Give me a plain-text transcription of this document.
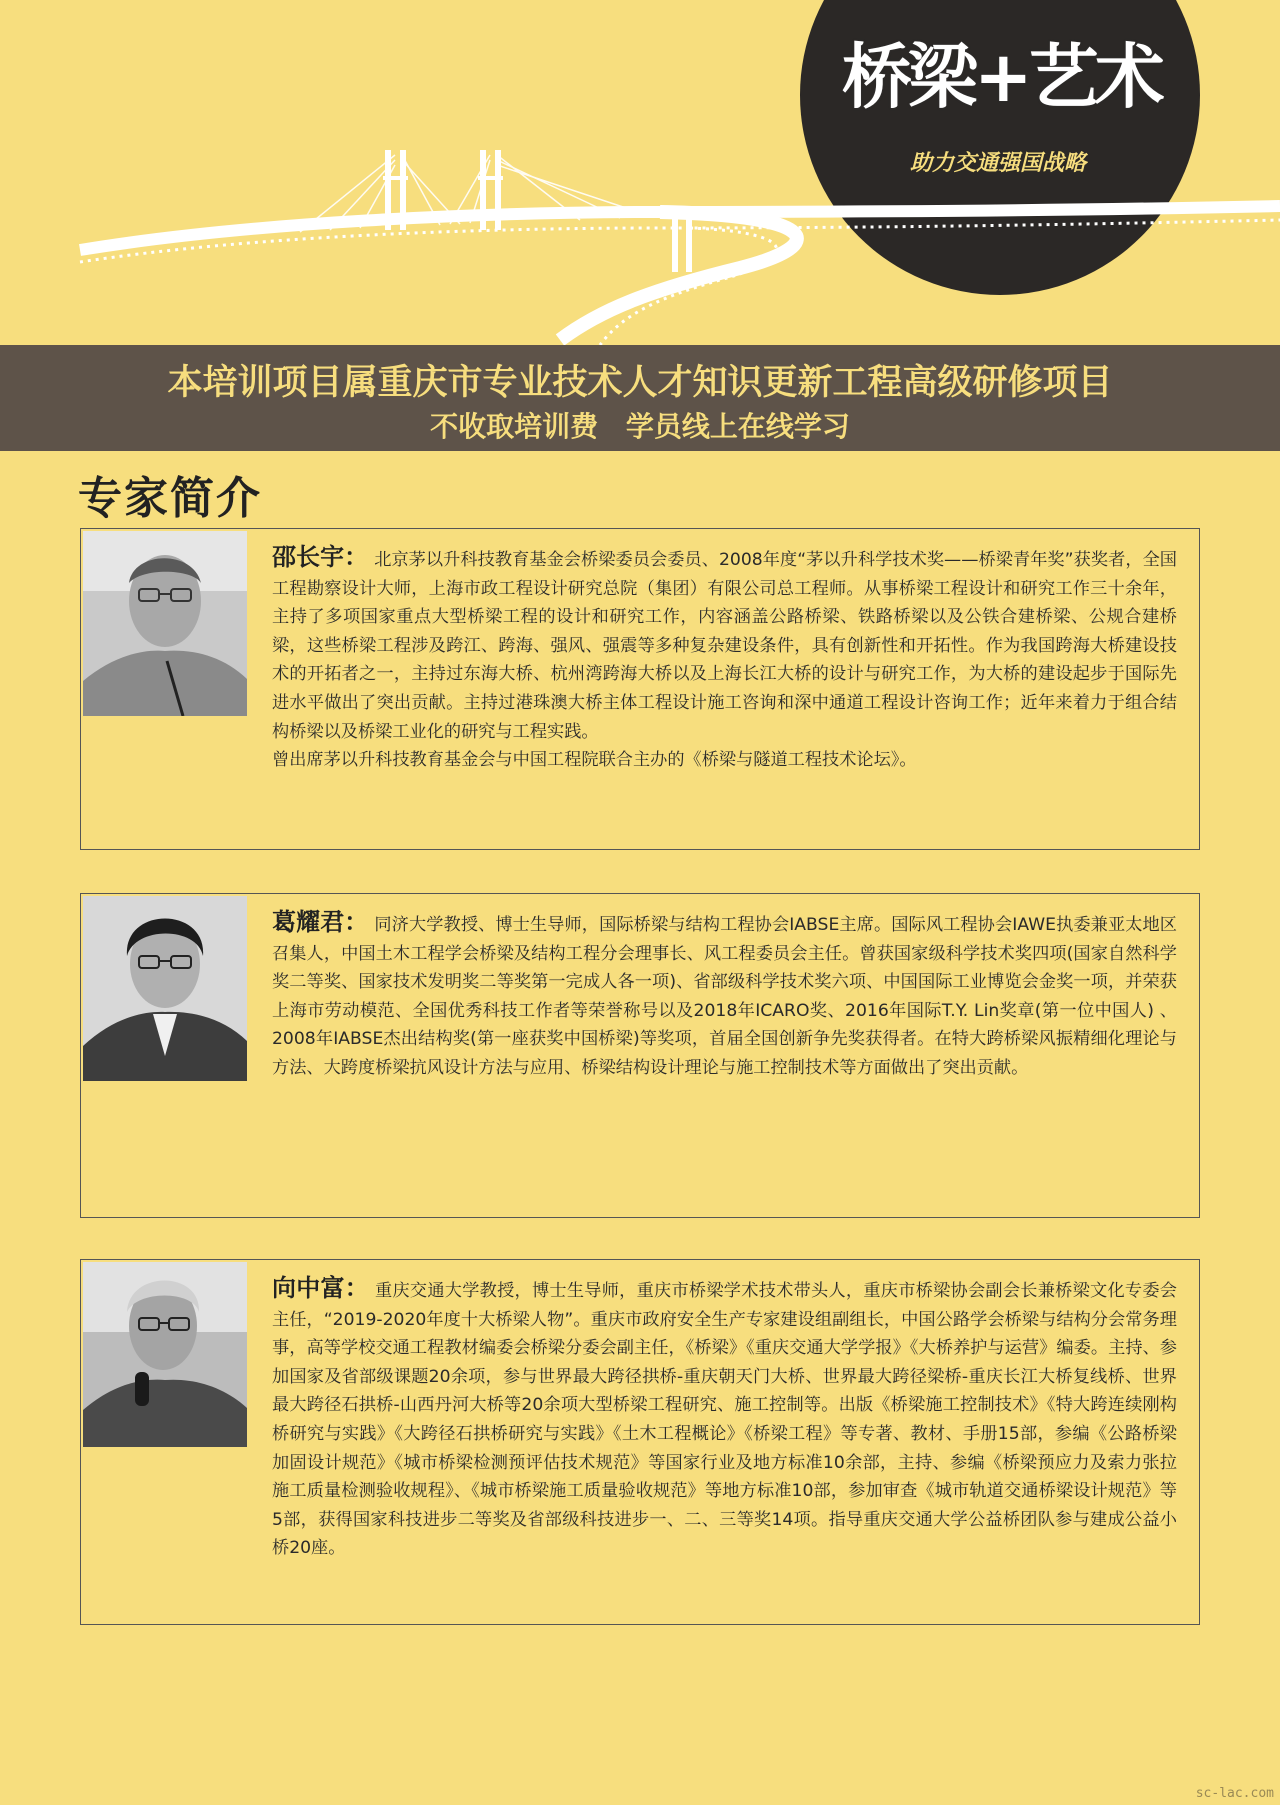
桥梁+艺术
助力交通强国战略
本培训项目属重庆市专业技术人才知识更新工程高级研修项目
不收取培训费 学员线上在线学习
专家简介
邵长宇： 北京茅以升科技教育基金会桥梁委员会委员、2008年度“茅以升科学技术奖——桥梁青年奖”获奖者，全国工程勘察设计大师，上海市政工程设计研究总院（集团）有限公司总工程师。从事桥梁工程设计和研究工作三十余年，主持了多项国家重点大型桥梁工程的设计和研究工作，内容涵盖公路桥梁、铁路桥梁以及公铁合建桥梁、公规合建桥梁，这些桥梁工程涉及跨江、跨海、强风、强震等多种复杂建设条件，具有创新性和开拓性。作为我国跨海大桥建设技术的开拓者之一，主持过东海大桥、杭州湾跨海大桥以及上海长江大桥的设计与研究工作，为大桥的建设起步于国际先进水平做出了突出贡献。主持过港珠澳大桥主体工程设计施工咨询和深中通道工程设计咨询工作；近年来着力于组合结构桥梁以及桥梁工业化的研究与工程实践。
曾出席茅以升科技教育基金会与中国工程院联合主办的《桥梁与隧道工程技术论坛》。
葛耀君： 同济大学教授、博士生导师，国际桥梁与结构工程协会IABSE主席。国际风工程协会IAWE执委兼亚太地区召集人，中国土木工程学会桥梁及结构工程分会理事长、风工程委员会主任。曾获国家级科学技术奖四项(国家自然科学奖二等奖、国家技术发明奖二等奖第一完成人各一项)、省部级科学技术奖六项、中国国际工业博览会金奖一项，并荣获上海市劳动模范、全国优秀科技工作者等荣誉称号以及2018年ICARO奖、2016年国际T.Y. Lin奖章(第一位中国人) 、2008年IABSE杰出结构奖(第一座获奖中国桥梁)等奖项，首届全国创新争先奖获得者。在特大跨桥梁风振精细化理论与方法、大跨度桥梁抗风设计方法与应用、桥梁结构设计理论与施工控制技术等方面做出了突出贡献。
向中富： 重庆交通大学教授，博士生导师，重庆市桥梁学术技术带头人，重庆市桥梁协会副会长兼桥梁文化专委会主任，“2019-2020年度十大桥梁人物”。重庆市政府安全生产专家建设组副组长，中国公路学会桥梁与结构分会常务理事，高等学校交通工程教材编委会桥梁分委会副主任，《桥梁》《重庆交通大学学报》《大桥养护与运营》编委。主持、参加国家及省部级课题20余项，参与世界最大跨径拱桥-重庆朝天门大桥、世界最大跨径梁桥-重庆长江大桥复线桥、世界最大跨径石拱桥-山西丹河大桥等20余项大型桥梁工程研究、施工控制等。出版《桥梁施工控制技术》《特大跨连续刚构桥研究与实践》《大跨径石拱桥研究与实践》《土木工程概论》《桥梁工程》等专著、教材、手册15部，参编《公路桥梁加固设计规范》《城市桥梁检测预评估技术规范》等国家行业及地方标准10余部，主持、参编《桥梁预应力及索力张拉施工质量检测验收规程》、《城市桥梁施工质量验收规范》等地方标准10部，参加审查《城市轨道交通桥梁设计规范》等5部，获得国家科技进步二等奖及省部级科技进步一、二、三等奖14项。指导重庆交通大学公益桥团队参与建成公益小桥20座。
sc-lac.com
